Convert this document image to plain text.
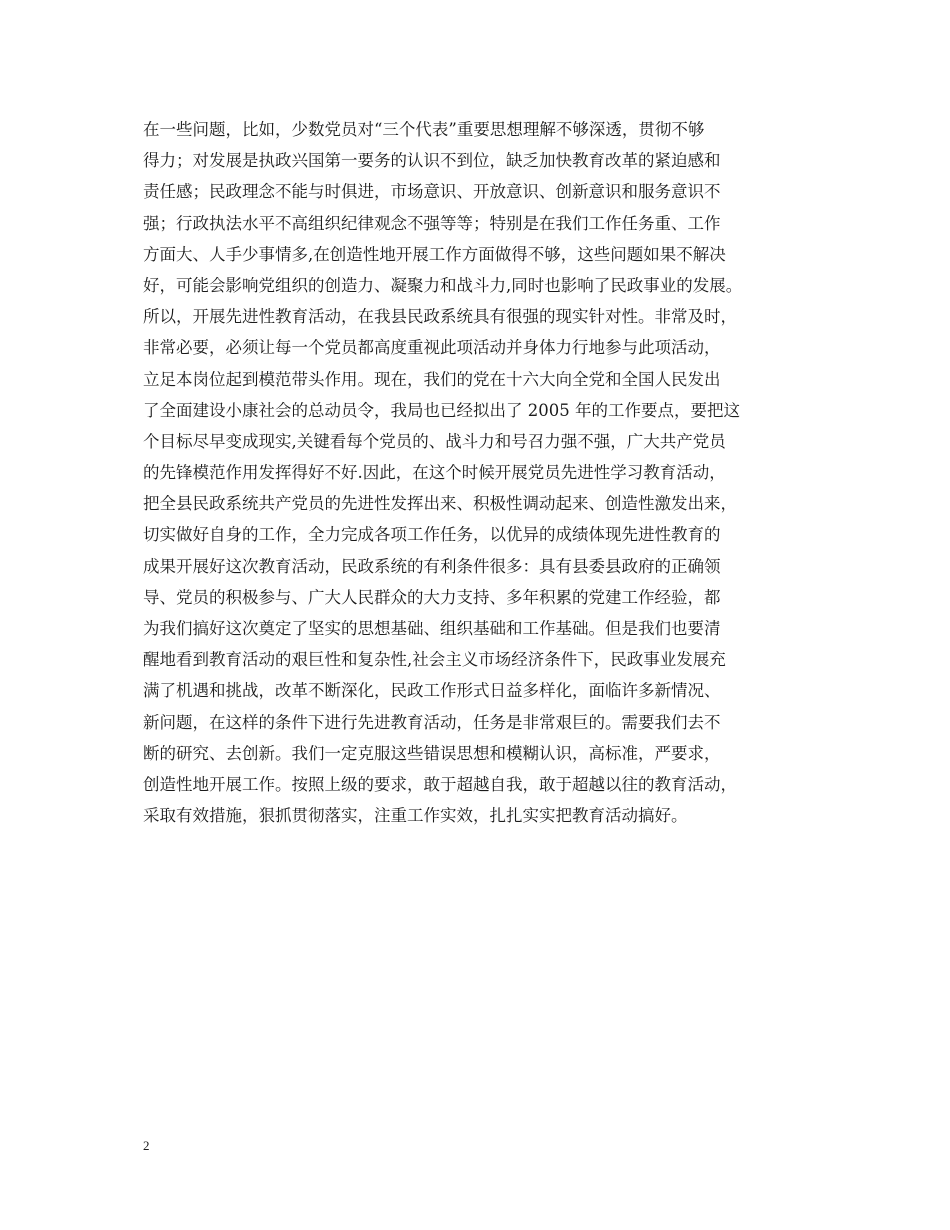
在一些问题，比如，少数党员对“三个代表”重要思想理解不够深透，贯彻不够
得力；对发展是执政兴国第一要务的认识不到位，缺乏加快教育改革的紧迫感和
责任感；民政理念不能与时俱进，市场意识、开放意识、创新意识和服务意识不
强；行政执法水平不高组织纪律观念不强等等；特别是在我们工作任务重、工作
方面大、人手少事情多,在创造性地开展工作方面做得不够，这些问题如果不解决
好，可能会影响党组织的创造力、凝聚力和战斗力,同时也影响了民政事业的发展。
所以，开展先进性教育活动，在我县民政系统具有很强的现实针对性。非常及时，
非常必要，必须让每一个党员都高度重视此项活动并身体力行地参与此项活动，
立足本岗位起到模范带头作用。现在，我们的党在十六大向全党和全国人民发出
了全面建设小康社会的总动员令，我局也已经拟出了 2005 年的工作要点，要把这
个目标尽早变成现实,关键看每个党员的、战斗力和号召力强不强，广大共产党员
的先锋模范作用发挥得好不好.因此，在这个时候开展党员先进性学习教育活动，
把全县民政系统共产党员的先进性发挥出来、积极性调动起来、创造性激发出来，
切实做好自身的工作，全力完成各项工作任务，以优异的成绩体现先进性教育的
成果开展好这次教育活动，民政系统的有利条件很多：具有县委县政府的正确领
导、党员的积极参与、广大人民群众的大力支持、多年积累的党建工作经验，都
为我们搞好这次奠定了坚实的思想基础、组织基础和工作基础。但是我们也要清
醒地看到教育活动的艰巨性和复杂性,社会主义市场经济条件下，民政事业发展充
满了机遇和挑战，改革不断深化，民政工作形式日益多样化，面临许多新情况、
新问题，在这样的条件下进行先进教育活动，任务是非常艰巨的。需要我们去不
断的研究、去创新。我们一定克服这些错误思想和模糊认识，高标准，严要求，
创造性地开展工作。按照上级的要求，敢于超越自我，敢于超越以往的教育活动，
采取有效措施，狠抓贯彻落实，注重工作实效，扎扎实实把教育活动搞好。
2
